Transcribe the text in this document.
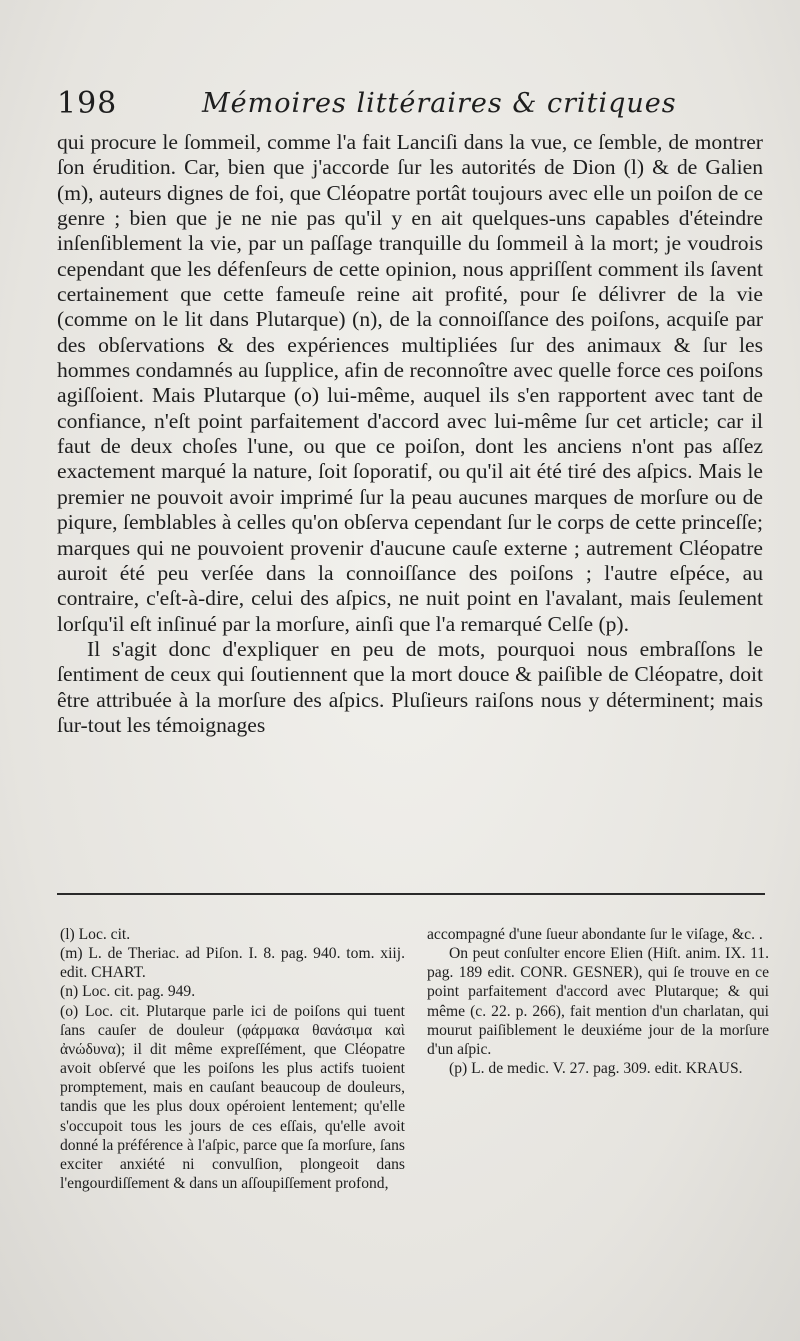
198	Mémoires littéraires & critiques

qui procure le ſommeil, comme l'a fait Lanciſi dans la vue, ce ſemble, de montrer ſon érudition. Car, bien que j'accorde ſur les autorités de Dion (l) & de Galien (m), auteurs dignes de foi, que Cléopatre portât toujours avec elle un poiſon de ce genre ; bien que je ne nie pas qu'il y en ait quelques-uns capables d'éteindre inſenſiblement la vie, par un paſſage tranquille du ſommeil à la mort; je voudrois cependant que les défenſeurs de cette opinion, nous appriſſent comment ils ſavent certainement que cette fameuſe reine ait profité, pour ſe délivrer de la vie (comme on le lit dans Plutarque) (n), de la connoiſſance des poiſons, acquiſe par des obſervations & des expériences multipliées ſur des animaux & ſur les hommes condamnés au ſupplice, afin de reconnoître avec quelle force ces poiſons agiſſoient. Mais Plutarque (o) lui-même, auquel ils s'en rapportent avec tant de confiance, n'eſt point parfaitement d'accord avec lui-même ſur cet article; car il faut de deux choſes l'une, ou que ce poiſon, dont les anciens n'ont pas aſſez exactement marqué la nature, ſoit ſoporatif, ou qu'il ait été tiré des aſpics. Mais le premier ne pouvoit avoir imprimé ſur la peau aucunes marques de morſure ou de piqure, ſemblables à celles qu'on obſerva cependant ſur le corps de cette princeſſe; marques qui ne pouvoient provenir d'aucune cauſe externe ; autrement Cléopatre auroit été peu verſée dans la connoiſſance des poiſons ; l'autre eſpéce, au contraire, c'eſt-à-dire, celui des aſpics, ne nuit point en l'avalant, mais ſeulement lorſqu'il eſt inſinué par la morſure, ainſi que l'a remarqué Celſe (p).

Il s'agit donc d'expliquer en peu de mots, pourquoi nous embraſſons le ſentiment de ceux qui ſoutiennent que la mort douce & paiſible de Cléopatre, doit être attribuée à la morſure des aſpics. Pluſieurs raiſons nous y déterminent; mais ſur-tout les témoignages

(l) Loc. cit.

(m) L. de Theriac. ad Piſon. I. 8. pag. 940. tom. xiij. edit. CHART.

(n) Loc. cit. pag. 949.

(o) Loc. cit. Plutarque parle ici de poiſons qui tuent ſans cauſer de douleur (φάρμακα θανάσιμα καὶ ἀνώδυνα); il dit même expreſſément, que Cléopatre avoit obſervé que les poiſons les plus actifs tuoient promptement, mais en cauſant beaucoup de douleurs, tandis que les plus doux opéroient lentement; qu'elle s'occupoit tous les jours de ces eſſais, qu'elle avoit donné la préférence à l'aſpic, parce que ſa morſure, ſans exciter anxiété ni convulſion, plongeoit dans l'engourdiſſement & dans un aſſoupiſſement profond,

accompagné d'une ſueur abondante ſur le viſage, &c. .

On peut conſulter encore Elien (Hiſt. anim. IX. 11. pag. 189 edit. CONR. GESNER), qui ſe trouve en ce point parfaitement d'accord avec Plutarque; & qui même (c. 22. p. 266), fait mention d'un charlatan, qui mourut paiſiblement le deuxiéme jour de la morſure d'un aſpic.

(p) L. de medic. V. 27. pag. 309. edit. KRAUS.
